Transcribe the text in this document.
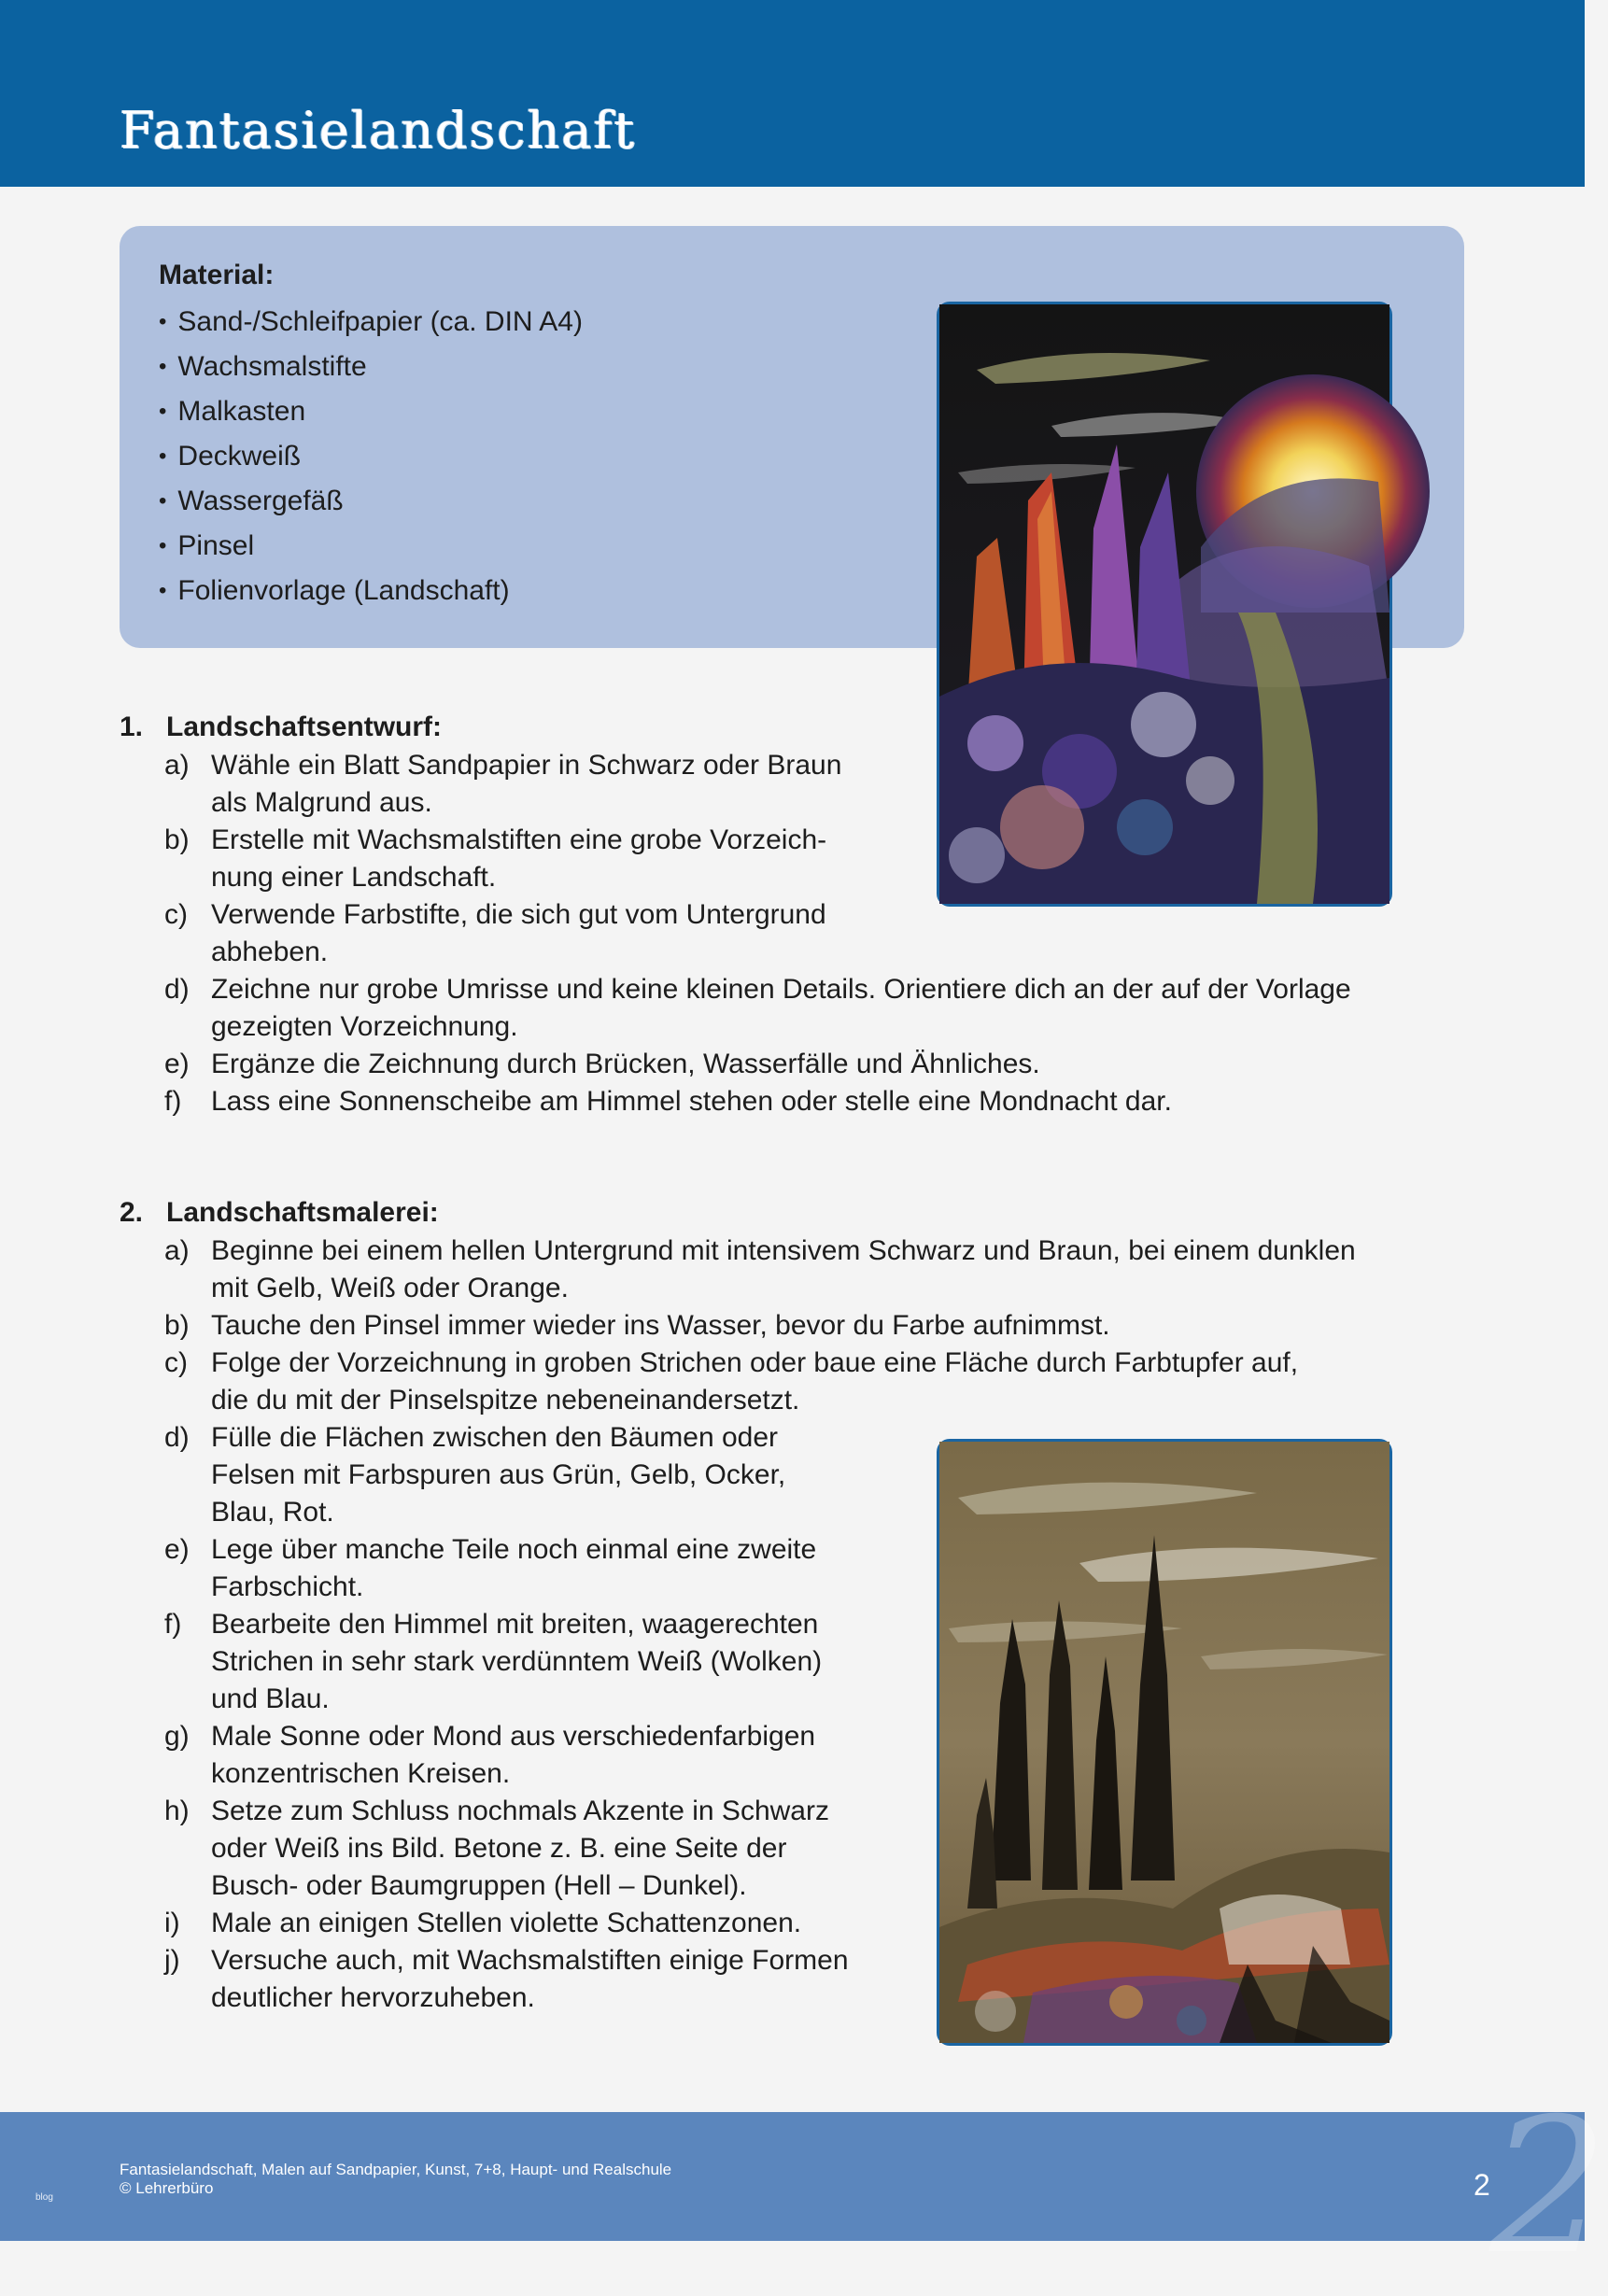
Fantasielandschaft
Material:
• Sand-/Schleifpapier (ca. DIN A4)
• Wachsmalstifte
• Malkasten
• Deckweiß
• Wassergefäß
• Pinsel
• Folienvorlage (Landschaft)
1. Landschaftsentwurf:
a) Wähle ein Blatt Sandpapier in Schwarz oder Braun
als Malgrund aus.
b) Erstelle mit Wachsmalstiften eine grobe Vorzeich-
nung einer Landschaft.
c) Verwende Farbstifte, die sich gut vom Untergrund
abheben.
d) Zeichne nur grobe Umrisse und keine kleinen Details. Orientiere dich an der auf der Vorlage
gezeigten Vorzeichnung.
e) Ergänze die Zeichnung durch Brücken, Wasserfälle und Ähnliches.
f) Lass eine Sonnenscheibe am Himmel stehen oder stelle eine Mondnacht dar.
2. Landschaftsmalerei:
a) Beginne bei einem hellen Untergrund mit intensivem Schwarz und Braun, bei einem dunklen
mit Gelb, Weiß oder Orange.
b) Tauche den Pinsel immer wieder ins Wasser, bevor du Farbe aufnimmst.
c) Folge der Vorzeichnung in groben Strichen oder baue eine Fläche durch Farbtupfer auf,
die du mit der Pinselspitze nebeneinandersetzt.
d) Fülle die Flächen zwischen den Bäumen oder
Felsen mit Farbspuren aus Grün, Gelb, Ocker,
Blau, Rot.
e) Lege über manche Teile noch einmal eine zweite
Farbschicht.
f) Bearbeite den Himmel mit breiten, waagerechten
Strichen in sehr stark verdünntem Weiß (Wolken)
und Blau.
g) Male Sonne oder Mond aus verschiedenfarbigen
konzentrischen Kreisen.
h) Setze zum Schluss nochmals Akzente in Schwarz
oder Weiß ins Bild. Betone z. B. eine Seite der
Busch- oder Baumgruppen (Hell – Dunkel).
i) Male an einigen Stellen violette Schattenzonen.
j) Versuche auch, mit Wachsmalstiften einige Formen
deutlicher hervorzuheben.
2
Fantasielandschaft, Malen auf Sandpapier, Kunst, 7+8, Haupt- und Realschule
© Lehrerbüro
blog	2
